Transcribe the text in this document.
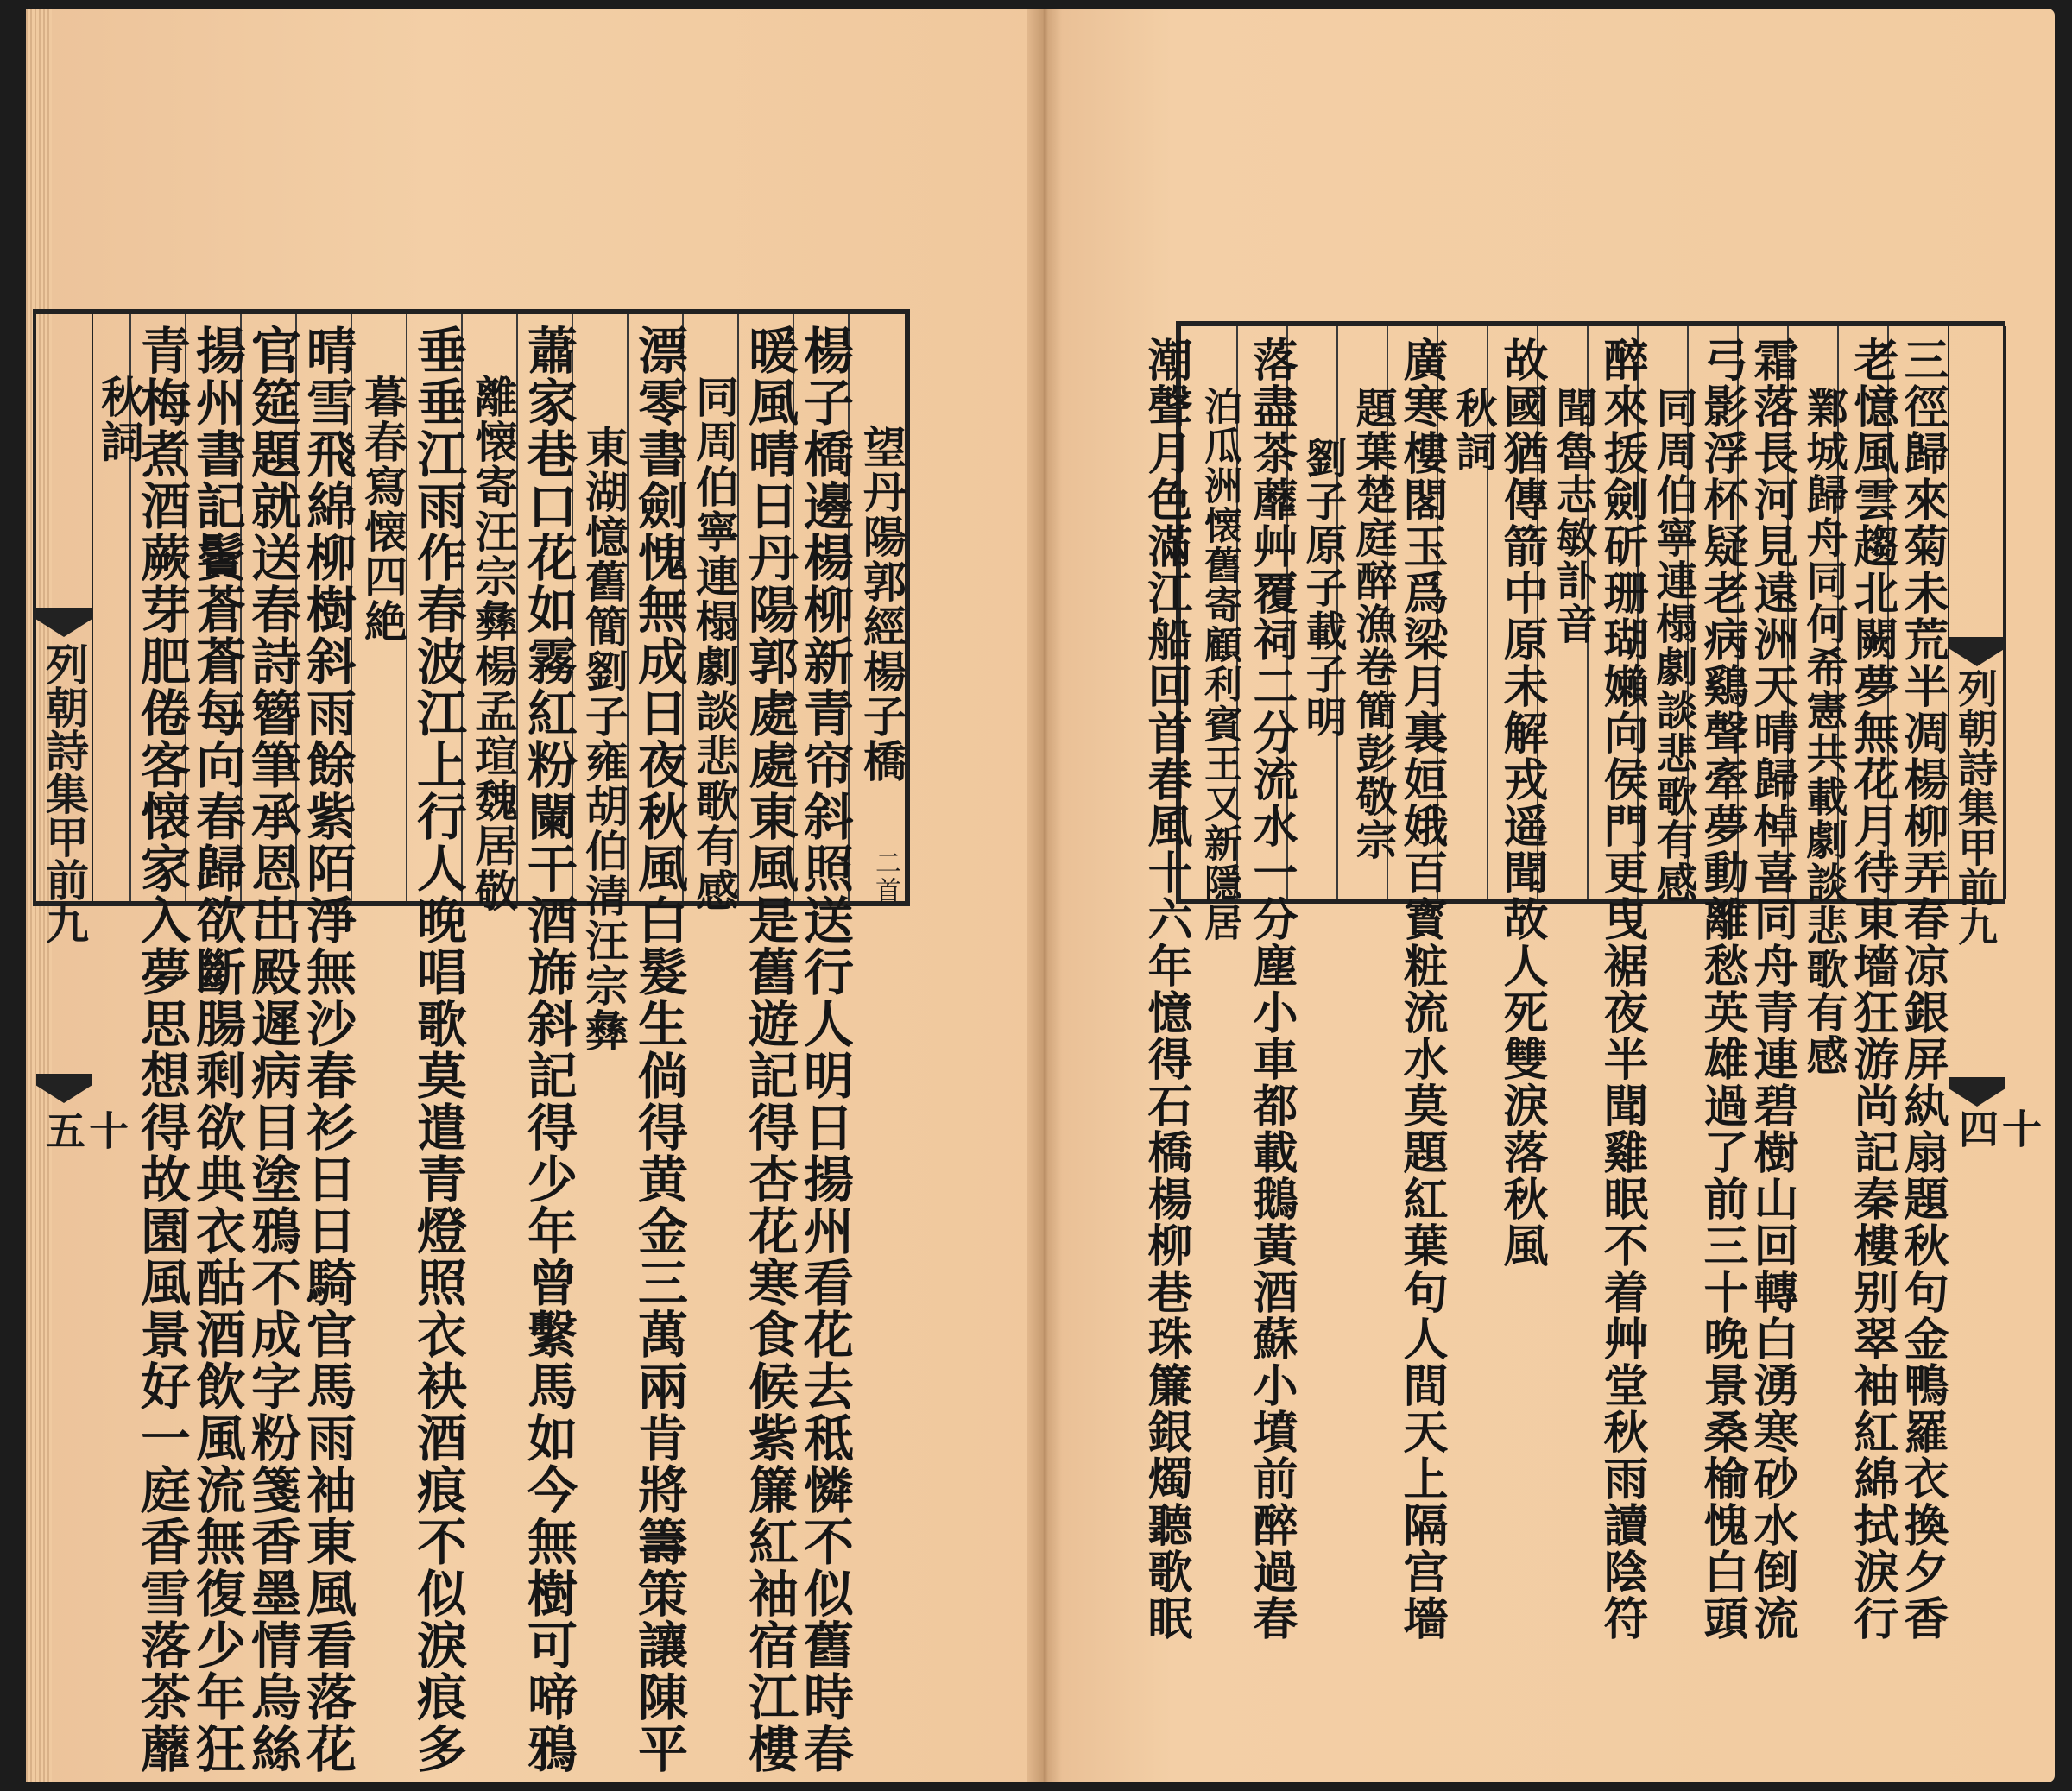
列朝詩集甲前九
十五
望丹陽郭經楊子橋
二首
楊子橋邊楊柳新青帘斜照送行人明日揚州看花去秪憐不似舊時春
暖風晴日丹陽郭處處東風是舊遊記得杏花寒食候紫簾紅袖宿江樓
同周伯寧連榻劇談悲歌有感
漂零書劍愧無成日夜秋風白髮生倘得黄金三萬兩肯將籌策讓陳平
東湖憶舊簡劉子雍胡伯清汪宗彝
蕭家巷口花如霧紅粉闌干酒旆斜記得少年曾繫馬如今無樹可啼鴉
離懐寄汪宗彝楊孟瑄魏居敬
垂垂江雨作春波江上行人晚唱歌莫遣青燈照衣袂酒痕不似淚痕多
暮春寫懐四絶
晴雪飛綿柳樹斜雨餘紫陌淨無沙春衫日日騎官馬雨袖東風看落花
官筵題就送春詩簪筆承恩出殿遲病目塗鴉不成字粉箋香墨情烏絲
揚州書記鬢蒼蒼每向春歸欲斷腸剩欲典衣酤酒飲風流無復少年狂
青梅煮酒蕨芽肥倦客懐家入夢思想得故園風景好一庭香雪落茶蘼
秋詞	三徑歸來菊未荒半凋楊柳弄春凉銀屏紈扇題秋句金鴨羅衣換夕香
老憶風雲趨北闕夢無花月待東墻狂游尚記秦樓别翠袖紅綿拭淚行
鄴城歸舟同何希憲共載劇談悲歌有感
霜落長河見遠洲天晴歸棹喜同舟青連碧樹山回轉白湧寒砂水倒流
弓影浮杯疑老病鷄聲牽夢動離愁英雄過了前三十晚景桑榆愧白頭
同周伯寧連榻劇談悲歌有感
醉來㧞劍斫珊瑚嬾向侯門更曳裾夜半聞雞眠不着艸堂秋雨讀陰符
聞魯志敏訃音
故國猶傳箭中原未解戎遥聞故人死雙淚落秋風
秋詞
廣寒樓閣玉爲梁月裏姮娥百寳粧流水莫題紅葉句人間天上隔宫墻
題葉楚庭醉漁卷簡彭敬宗
劉子原子載子明
落盡茶蘼艸覆祠二分流水一分塵小車都載鵝黃酒蘇小墳前醉過春
泊瓜洲懐舊寄顧利賓王又新隱居
潮聲月色滿江船回首春風十六年憶得石橋楊柳巷珠簾銀燭聽歌眠	列朝詩集甲前九
十四
